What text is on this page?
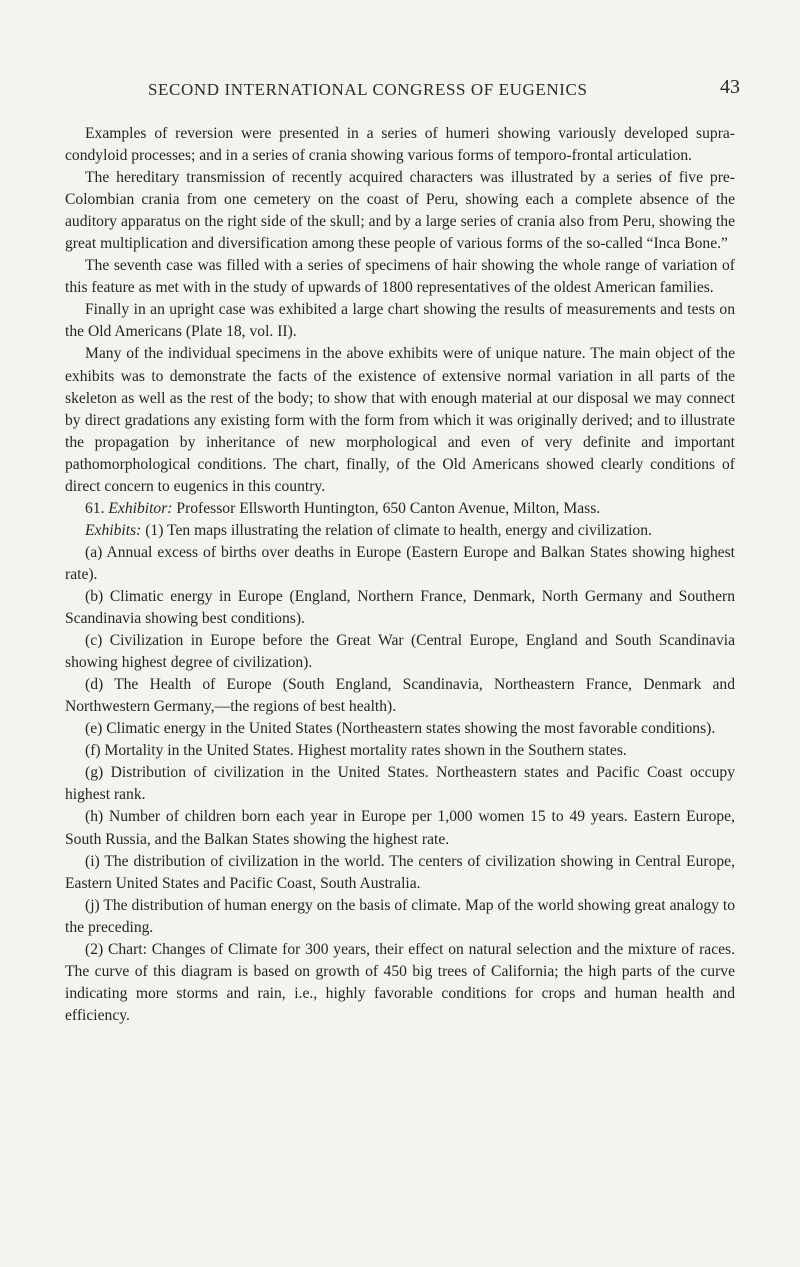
SECOND INTERNATIONAL CONGRESS OF EUGENICS	43

Examples of reversion were presented in a series of humeri showing variously developed supra-condyloid processes; and in a series of crania showing various forms of temporo-frontal articulation.

The hereditary transmission of recently acquired characters was illustrated by a series of five pre-Colombian crania from one cemetery on the coast of Peru, showing each a complete absence of the auditory apparatus on the right side of the skull; and by a large series of crania also from Peru, showing the great multiplication and diversification among these people of various forms of the so-called “Inca Bone.”

The seventh case was filled with a series of specimens of hair showing the whole range of variation of this feature as met with in the study of upwards of 1800 representatives of the oldest American families.

Finally in an upright case was exhibited a large chart showing the results of measurements and tests on the Old Americans (Plate 18, vol. II).

Many of the individual specimens in the above exhibits were of unique nature. The main object of the exhibits was to demonstrate the facts of the existence of extensive normal variation in all parts of the skeleton as well as the rest of the body; to show that with enough material at our disposal we may connect by direct gradations any existing form with the form from which it was originally derived; and to illustrate the propagation by inheritance of new morphological and even of very definite and important pathomorphological conditions. The chart, finally, of the Old Americans showed clearly conditions of direct concern to eugenics in this country.

61. Exhibitor: Professor Ellsworth Huntington, 650 Canton Avenue, Milton, Mass.

Exhibits: (1) Ten maps illustrating the relation of climate to health, energy and civilization.

(a) Annual excess of births over deaths in Europe (Eastern Europe and Balkan States showing highest rate).

(b) Climatic energy in Europe (England, Northern France, Denmark, North Germany and Southern Scandinavia showing best conditions).

(c) Civilization in Europe before the Great War (Central Europe, England and South Scandinavia showing highest degree of civilization).

(d) The Health of Europe (South England, Scandinavia, Northeastern France, Denmark and Northwestern Germany,—the regions of best health).

(e) Climatic energy in the United States (Northeastern states showing the most favorable conditions).

(f) Mortality in the United States. Highest mortality rates shown in the Southern states.

(g) Distribution of civilization in the United States. Northeastern states and Pacific Coast occupy highest rank.

(h) Number of children born each year in Europe per 1,000 women 15 to 49 years. Eastern Europe, South Russia, and the Balkan States showing the highest rate.

(i) The distribution of civilization in the world. The centers of civilization showing in Central Europe, Eastern United States and Pacific Coast, South Australia.

(j) The distribution of human energy on the basis of climate. Map of the world showing great analogy to the preceding.

(2) Chart: Changes of Climate for 300 years, their effect on natural selection and the mixture of races. The curve of this diagram is based on growth of 450 big trees of California; the high parts of the curve indicating more storms and rain, i.e., highly favorable conditions for crops and human health and efficiency.
